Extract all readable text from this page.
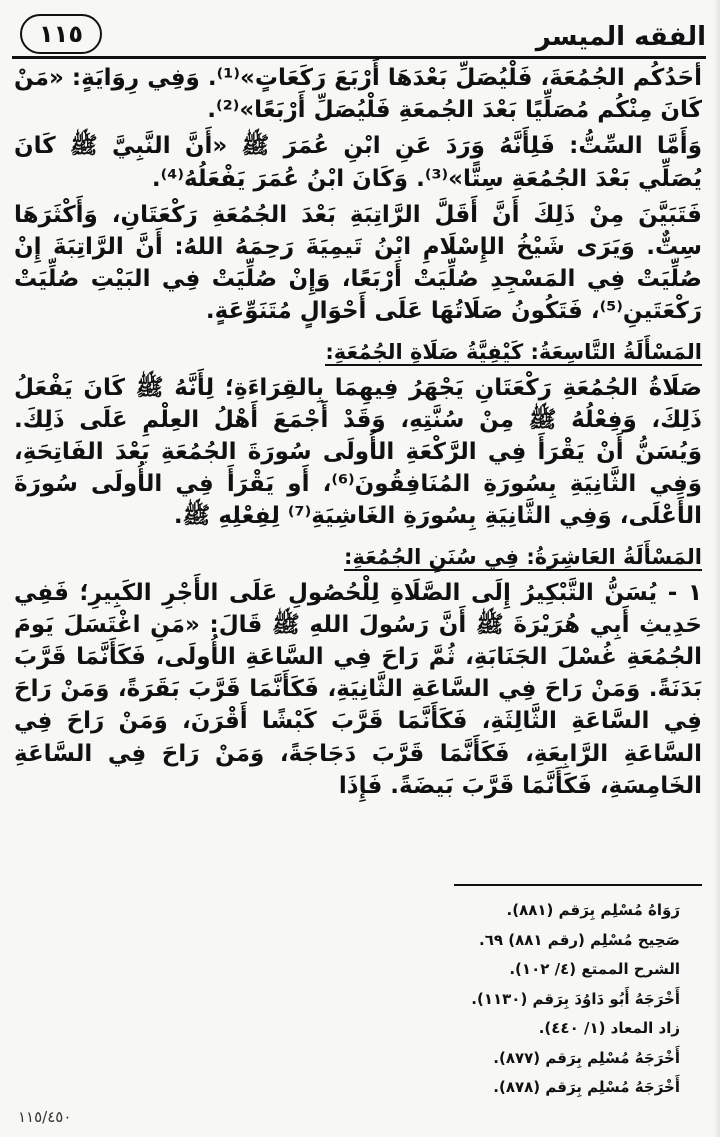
الفقه الميسر
١١٥

أحَدُكُم الجُمُعَةَ، فَلْيُصَلِّ بَعْدَهَا أَرْبَعَ رَكَعَاتٍ»⁽¹⁾. وَفِي رِوَايَةٍ: «مَنْ كَانَ مِنْكُم مُصَلِّيًا بَعْدَ الجُمعَةِ فَلْيُصَلِّ أَرْبَعًا»⁽²⁾.

وَأَمَّا السِّتُّ: فَلِأَنَّهُ وَرَدَ عَنِ ابْنِ عُمَرَ ﷺ «أَنَّ النَّبِيَّ ﷺ كَانَ يُصَلِّي بَعْدَ الجُمُعَةِ سِتًّا»⁽³⁾. وَكَانَ ابْنُ عُمَرَ يَفْعَلُهُ⁽⁴⁾.

فَتَبَيَّنَ مِنْ ذَلِكَ أَنَّ أَقَلَّ الرَّاتِبَةِ بَعْدَ الجُمُعَةِ رَكْعَتَانِ، وَأَكْثَرَهَا سِتٌّ. وَيَرَى شَيْخُ الإِسْلَامِ ابْنُ تَيمِيَةَ رَحِمَهُ اللهُ: أَنَّ الرَّاتِبَةَ إِنْ صُلِّيَتْ فِي المَسْجِدِ صُلِّيَتْ أَرْبَعًا، وَإِنْ صُلِّيَتْ فِي البَيْتِ صُلِّيَتْ رَكْعَتَينِ⁽⁵⁾، فَتَكُونُ صَلَاتُهَا عَلَى أَحْوَالٍ مُتَنَوِّعَةٍ.

المَسْأَلَةُ التَّاسِعَةُ: كَيْفِيَّةُ صَلَاةِ الجُمُعَةِ:

صَلَاةُ الجُمُعَةِ رَكْعَتَانِ يَجْهَرُ فِيهِمَا بِالقِرَاءَةِ؛ لِأَنَّهُ ﷺ كَانَ يَفْعَلُ ذَلِكَ، وَفِعْلُهُ ﷺ مِنْ سُنَّتِهِ، وَقَدْ أَجْمَعَ أَهْلُ العِلْمِ عَلَى ذَلِكَ. وَيُسَنُّ أَنْ يَقْرَأَ فِي الرَّكْعَةِ الأُولَى سُورَةَ الجُمُعَةِ بَعْدَ الفَاتِحَةِ، وَفِي الثَّانِيَةِ بِسُورَةِ المُنَافِقُونَ⁽⁶⁾، أَو يَقْرَأَ فِي الأُولَى سُورَةَ الأَعْلَى، وَفِي الثَّانِيَةِ بِسُورَةِ الغَاشِيَةِ⁽⁷⁾ لِفِعْلِهِ ﷺ.

المَسْأَلَةُ العَاشِرَةُ: فِي سُنَنِ الجُمُعَةِ:

١ - يُسَنُّ التَّبْكِيرُ إِلَى الصَّلَاةِ لِلْحُصُولِ عَلَى الأَجْرِ الكَبِيرِ؛ فَفِي حَدِيثِ أَبِي هُرَيْرَةَ ﷺ أَنَّ رَسُولَ اللهِ ﷺ قَالَ: «مَنِ اغْتَسَلَ يَومَ الجُمُعَةِ غُسْلَ الجَنَابَةِ، ثُمَّ رَاحَ فِي السَّاعَةِ الأُولَى، فَكَأَنَّمَا قَرَّبَ بَدَنَةً. وَمَنْ رَاحَ فِي السَّاعَةِ الثَّانِيَةِ، فَكَأَنَّمَا قَرَّبَ بَقَرَةً، وَمَنْ رَاحَ فِي السَّاعَةِ الثَّالِثَةِ، فَكَأَنَّمَا قَرَّبَ كَبْشًا أَقْرَنَ، وَمَنْ رَاحَ فِي السَّاعَةِ الرَّابِعَةِ، فَكَأَنَّمَا قَرَّبَ دَجَاجَةً، وَمَنْ رَاحَ فِي السَّاعَةِ الخَامِسَةِ، فَكَأَنَّمَا قَرَّبَ بَيضَةً. فَإِذَا

رَوَاهُ مُسْلِم بِرَقم (٨٨١).
صَحِيح مُسْلِم (رقم ٨٨١) ٦٩.
الشرح الممتع (٤/ ١٠٢).
أَخْرَجَهُ أَبُو دَاوُدَ بِرَقم (١١٣٠).
زاد المعاد (١/ ٤٤٠).
أَخْرَجَهُ مُسْلِم بِرَقم (٨٧٧).
أَخْرَجَهُ مُسْلِم بِرَقم (٨٧٨).
١١٥/٤٥٠
